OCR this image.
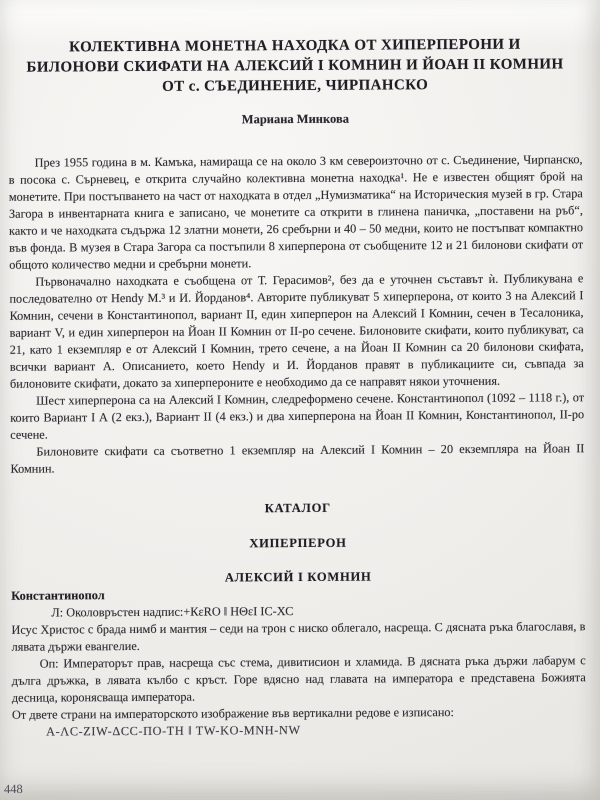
КОЛЕКТИВНА МОНЕТНА НАХОДКА ОТ ХИПЕРПЕРОНИ И
БИЛОНОВИ СКИФАТИ НА АЛЕКСИЙ I КОМНИН И ЙОАН II КОМНИН
ОТ с. СЪЕДИНЕНИЕ, ЧИРПАНСКО
Мариана Минкова

През 1955 година в м. Камъка, намираща се на около 3 км североизточно от с. Съединение, Чирпанско, в посока с. Сърневец, е открита случайно колективна монетна находка¹. Не е известен общият брой на монетите. При постъпването на част от находката в отдел „Нумизматика“ на Историческия музей в гр. Стара Загора в инвентарната книга е записано, че монетите са открити в глинена паничка, „поставени на ръб“, както и че находката съдържа 12 златни монети, 26 сребърни и 40 – 50 медни, които не постъпват компактно във фонда. В музея в Стара Загора са постъпили 8 хиперперона от съобщените 12 и 21 билонови скифати от общото количество медни и сребърни монети.

Първоначално находката е съобщена от Т. Герасимов², без да е уточнен съставът ѝ. Публикувана е последователно от Hendy M.³ и И. Йорданов⁴. Авторите публикуват 5 хиперперона, от които 3 на Алексий I Комнин, сечени в Константинопол, вариант II, един хиперперон на Алексий I Комнин, сечен в Тесалоника, вариант V, и един хиперперон на Йоан II Комнин от II-ро сечене. Билоновите скифати, които публикуват, са 21, като 1 екземпляр е от Алексий I Комнин, трето сечене, а на Йоан II Комнин са 20 билонови скифата, всички вариант А. Описанието, което Hendy и И. Йорданов правят в публикациите си, съвпада за билоновите скифати, докато за хиперпероните е необходимо да се направят някои уточнения.

Шест хиперперона са на Алексий I Комнин, следреформено сечене. Константинопол (1092 – 1118 г.), от които Вариант I А (2 екз.), Вариант II (4 екз.) и два хиперперона на Йоан II Комнин, Константинопол, II-ро сечене.

Билоновите скифати са съответно 1 екземпляр на Алексий I Комнин – 20 екземпляра на Йоан II Комнин.

КАТАЛОГ
ХИПЕРПЕРОН
АЛЕКСИЙ I КОМНИН
Константинопол
Л: Околовръстен надпис:+КεRO ‖ НΘεI IC-ХС

Исус Христос с брада нимб и мантия – седи на трон с ниско облегало, насреща. С дясната ръка благославя, в лявата държи евангелие.

Оп: Императорът прав, насреща със стема, дивитисион и хламида. В дясната ръка държи лабарум с дълга дръжка, в лявата кълбо с кръст. Горе вдясно над главата на императора е представена Божията десница, коронясваща императора.

От двете страни на императорското изображение във вертикални редове е изписано:

А-ΛС-ZIW-ΔСС-ПО-ТН ‖ TW-KO-MNH-NW
448
